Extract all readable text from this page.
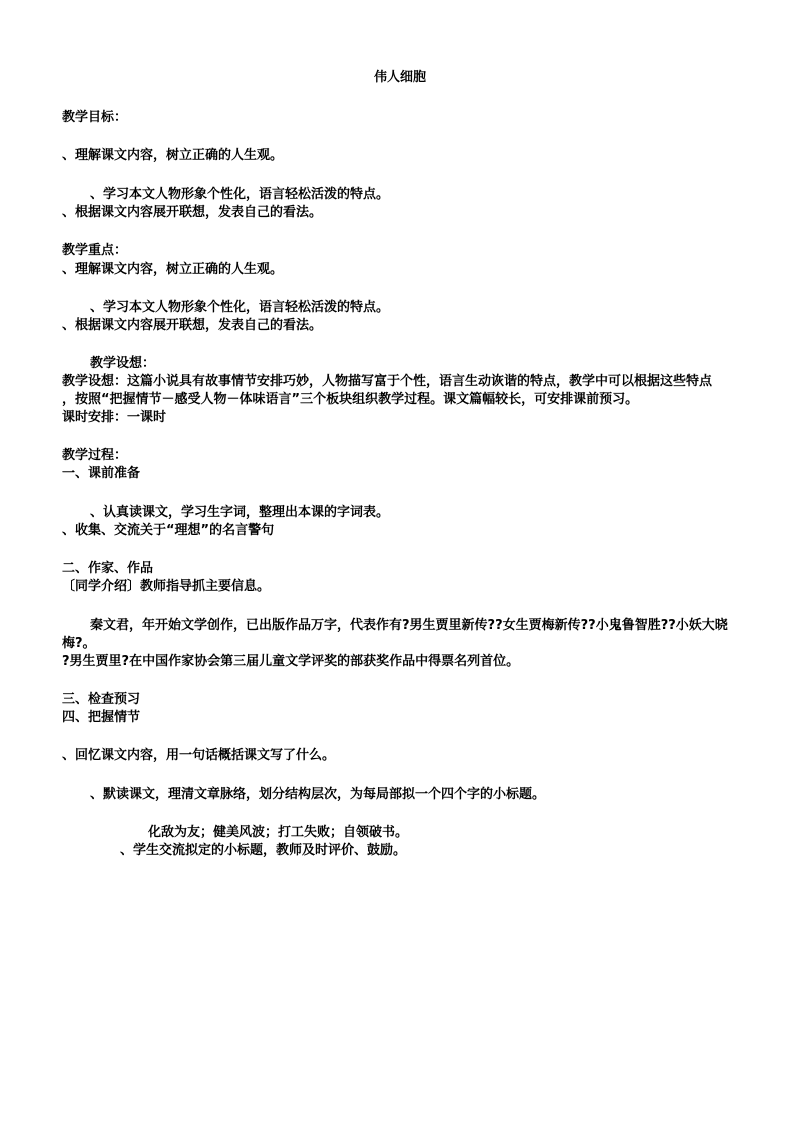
伟人细胞
教学目标：
、理解课文内容，树立正确的人生观。
、学习本文人物形象个性化，语言轻松活泼的特点。
、根据课文内容展开联想，发表自己的看法。
教学重点：
、理解课文内容，树立正确的人生观。
、学习本文人物形象个性化，语言轻松活泼的特点。
、根据课文内容展开联想，发表自己的看法。
教学设想：
教学设想：这篇小说具有故事情节安排巧妙，人物描写富于个性，语言生动诙谐的特点，教学中可以根据这些特点
，按照“把握情节－感受人物－体味语言”三个板块组织教学过程。课文篇幅较长，可安排课前预习。
课时安排：一课时
教学过程：
一、课前准备
、认真读课文，学习生字词，整理出本课的字词表。
、收集、交流关于“理想”的名言警句
二、作家、作品
〔同学介绍〕教师指导抓主要信息。
秦文君，年开始文学创作，已出版作品万字，代表作有?男生贾里新传??女生贾梅新传??小鬼鲁智胜??小妖大晓
梅?。
?男生贾里?在中国作家协会第三届儿童文学评奖的部获奖作品中得票名列首位。
三、检查预习
四、把握情节
、回忆课文内容，用一句话概括课文写了什么。
、默读课文，理清文章脉络，划分结构层次，为每局部拟一个四个字的小标题。
化敌为友；健美风波；打工失败；自领破书。
、学生交流拟定的小标题，教师及时评价、鼓励。
